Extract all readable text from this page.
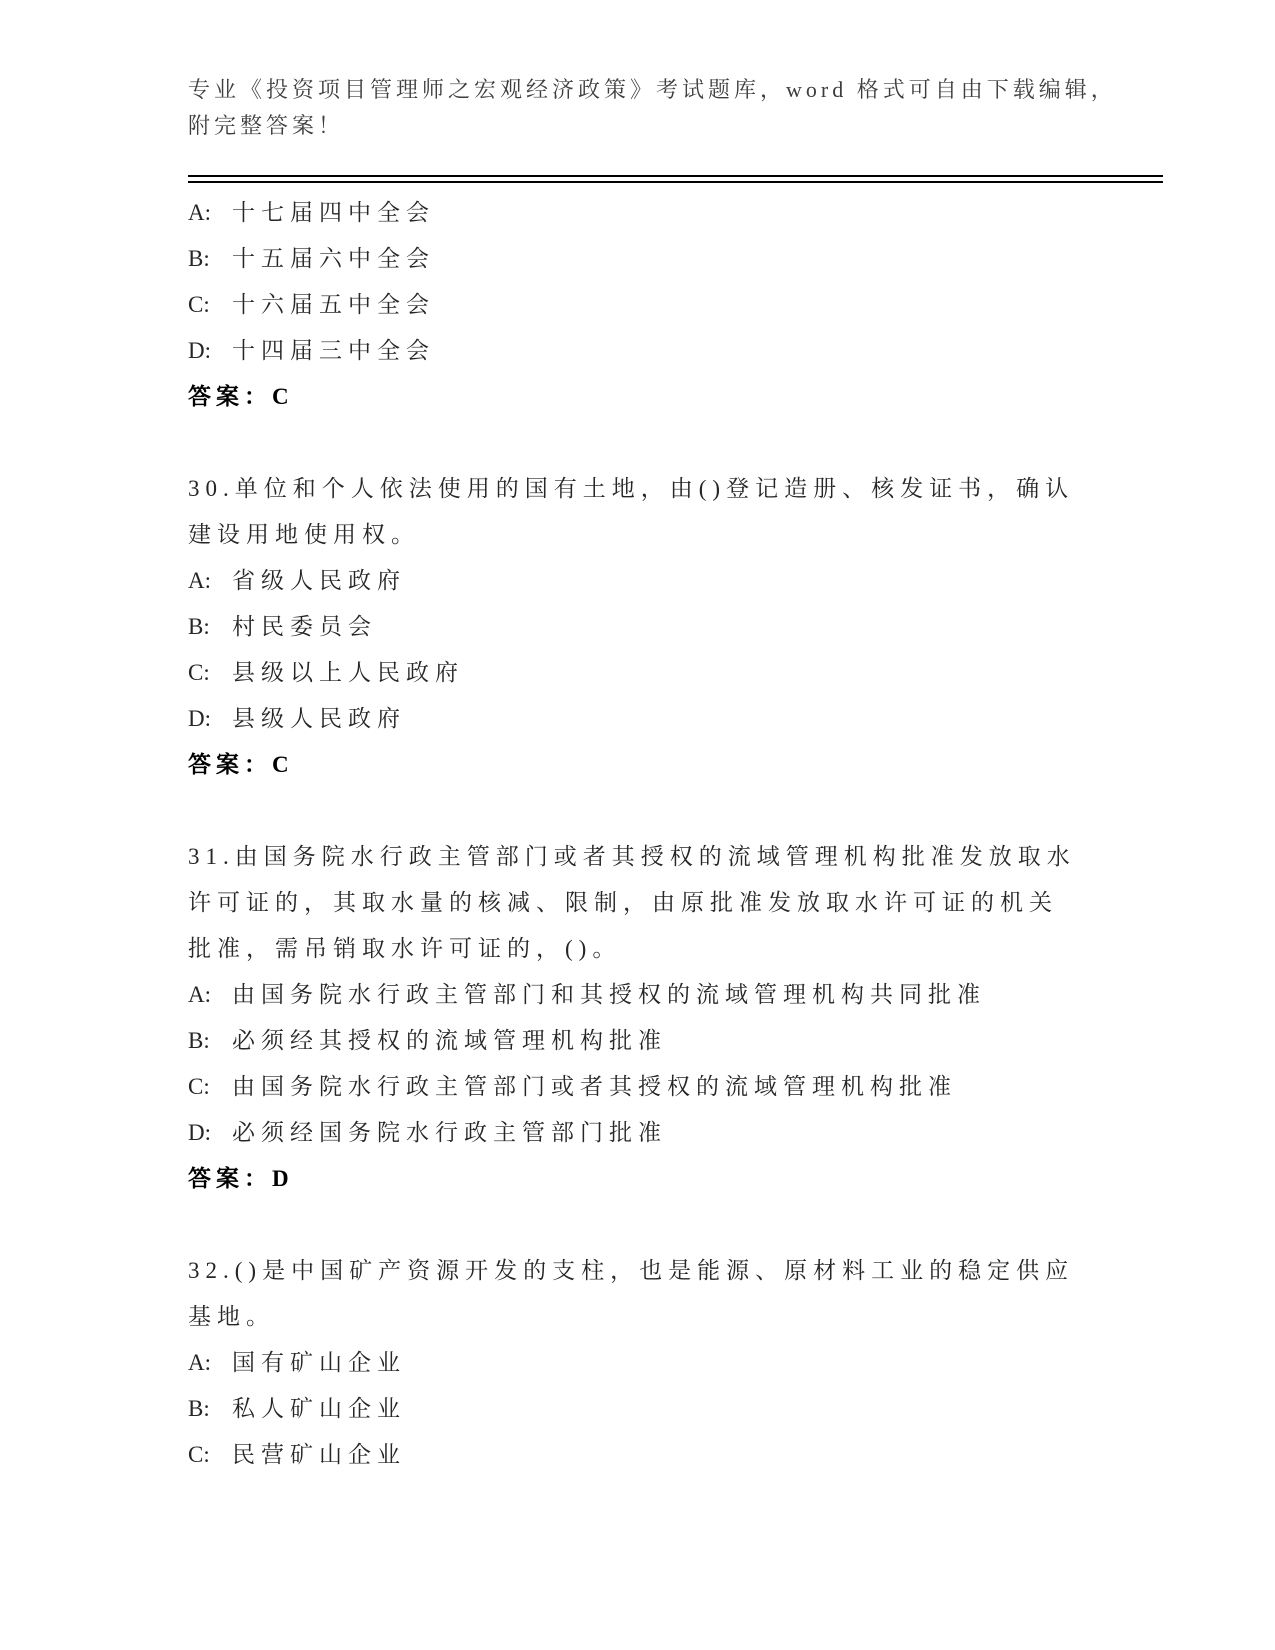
专业《投资项目管理师之宏观经济政策》考试题库，word 格式可自由下载编辑，
附完整答案！
A: 十七届四中全会
B: 十五届六中全会
C: 十六届五中全会
D: 十四届三中全会
答案：C
30.单位和个人依法使用的国有土地，由()登记造册、核发证书，确认
建设用地使用权。
A: 省级人民政府
B: 村民委员会
C: 县级以上人民政府
D: 县级人民政府
答案：C
31.由国务院水行政主管部门或者其授权的流域管理机构批准发放取水
许可证的，其取水量的核减、限制，由原批准发放取水许可证的机关
批准，需吊销取水许可证的，()。
A: 由国务院水行政主管部门和其授权的流域管理机构共同批准
B: 必须经其授权的流域管理机构批准
C: 由国务院水行政主管部门或者其授权的流域管理机构批准
D: 必须经国务院水行政主管部门批准
答案：D
32.()是中国矿产资源开发的支柱，也是能源、原材料工业的稳定供应
基地。
A: 国有矿山企业
B: 私人矿山企业
C: 民营矿山企业
